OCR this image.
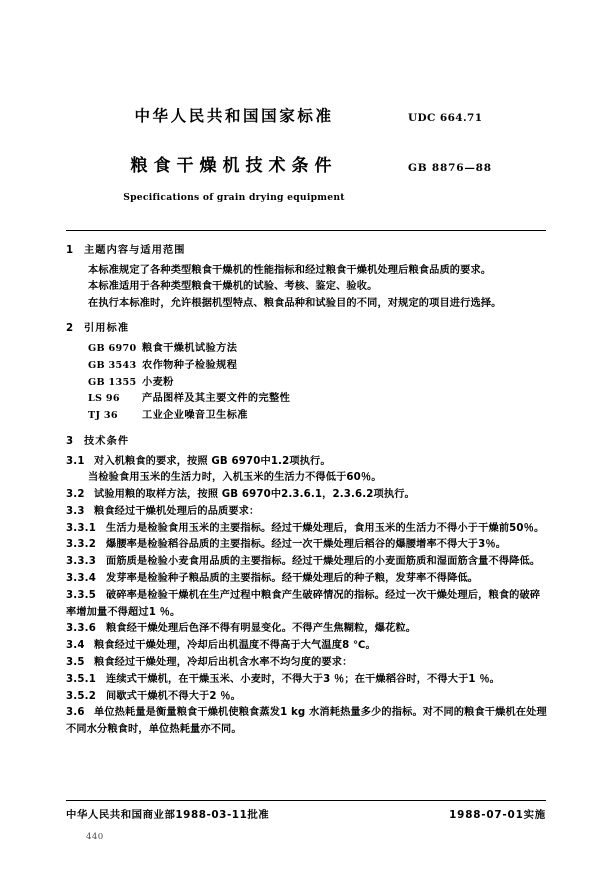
中华人民共和国国家标准	UDC 664.71
粮食干燥机技术条件	GB 8876—88
Specifications of grain drying equipment
1 主题内容与适用范围
本标准规定了各种类型粮食干燥机的性能指标和经过粮食干燥机处理后粮食品质的要求。
本标准适用于各种类型粮食干燥机的试验、考核、鉴定、验收。
在执行本标准时，允许根据机型特点、粮食品种和试验目的不同，对规定的项目进行选择。
2 引用标准
GB 6970 粮食干燥机试验方法
GB 3543 农作物种子检验规程
GB 1355 小麦粉
LS 96 产品图样及其主要文件的完整性
TJ 36 工业企业噪音卫生标准
3 技术条件
3.1 对入机粮食的要求，按照 GB 6970中1.2项执行。
当检验食用玉米的生活力时，入机玉米的生活力不得低于60％。
3.2 试验用粮的取样方法，按照 GB 6970中2.3.6.1，2.3.6.2项执行。
3.3 粮食经过干燥机处理后的品质要求：
3.3.1 生活力是检验食用玉米的主要指标。经过干燥处理后，食用玉米的生活力不得小于干燥前50％。
3.3.2 爆腰率是检验稻谷品质的主要指标。经过一次干燥处理后稻谷的爆腰增率不得大于3％。
3.3.3 面筋质是检验小麦食用品质的主要指标。经过干燥处理后的小麦面筋质和湿面筋含量不得降低。
3.3.4 发芽率是检验种子粮品质的主要指标。经干燥处理后的种子粮，发芽率不得降低。
3.3.5 破碎率是检验干燥机在生产过程中粮食产生破碎情况的指标。经过一次干燥处理后，粮食的破碎率增加量不得超过1 ％。
3.3.6 粮食经干燥处理后色泽不得有明显变化。不得产生焦糊粒，爆花粒。
3.4 粮食经过干燥处理，冷却后出机温度不得高于大气温度8 ℃。
3.5 粮食经过干燥处理，冷却后出机含水率不均匀度的要求：
3.5.1 连续式干燥机，在干燥玉米、小麦时，不得大于3 ％；在干燥稻谷时，不得大于1 ％。
3.5.2 间歇式干燥机不得大于2 ％。
3.6 单位热耗量是衡量粮食干燥机使粮食蒸发1 kg 水消耗热量多少的指标。对不同的粮食干燥机在处理不同水分粮食时，单位热耗量亦不同。
中华人民共和国商业部1988-03-11批准	1988-07-01实施
440
